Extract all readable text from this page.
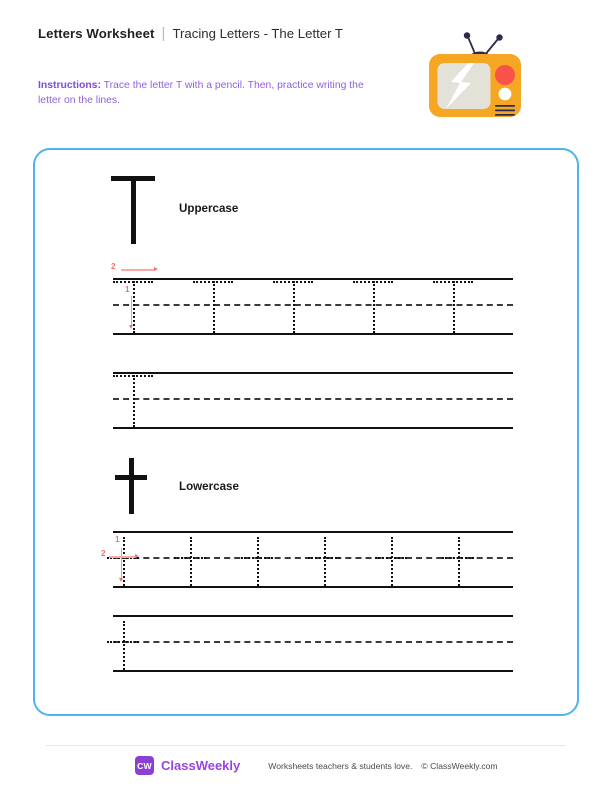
Letters Worksheet | Tracing Letters - The Letter T
Instructions: Trace the letter T with a pencil. Then, practice writing the letter on the lines.
Uppercase
2
1
Lowercase
1
2
CW ClassWeekly	Worksheets teachers & students love. © ClassWeekly.com
